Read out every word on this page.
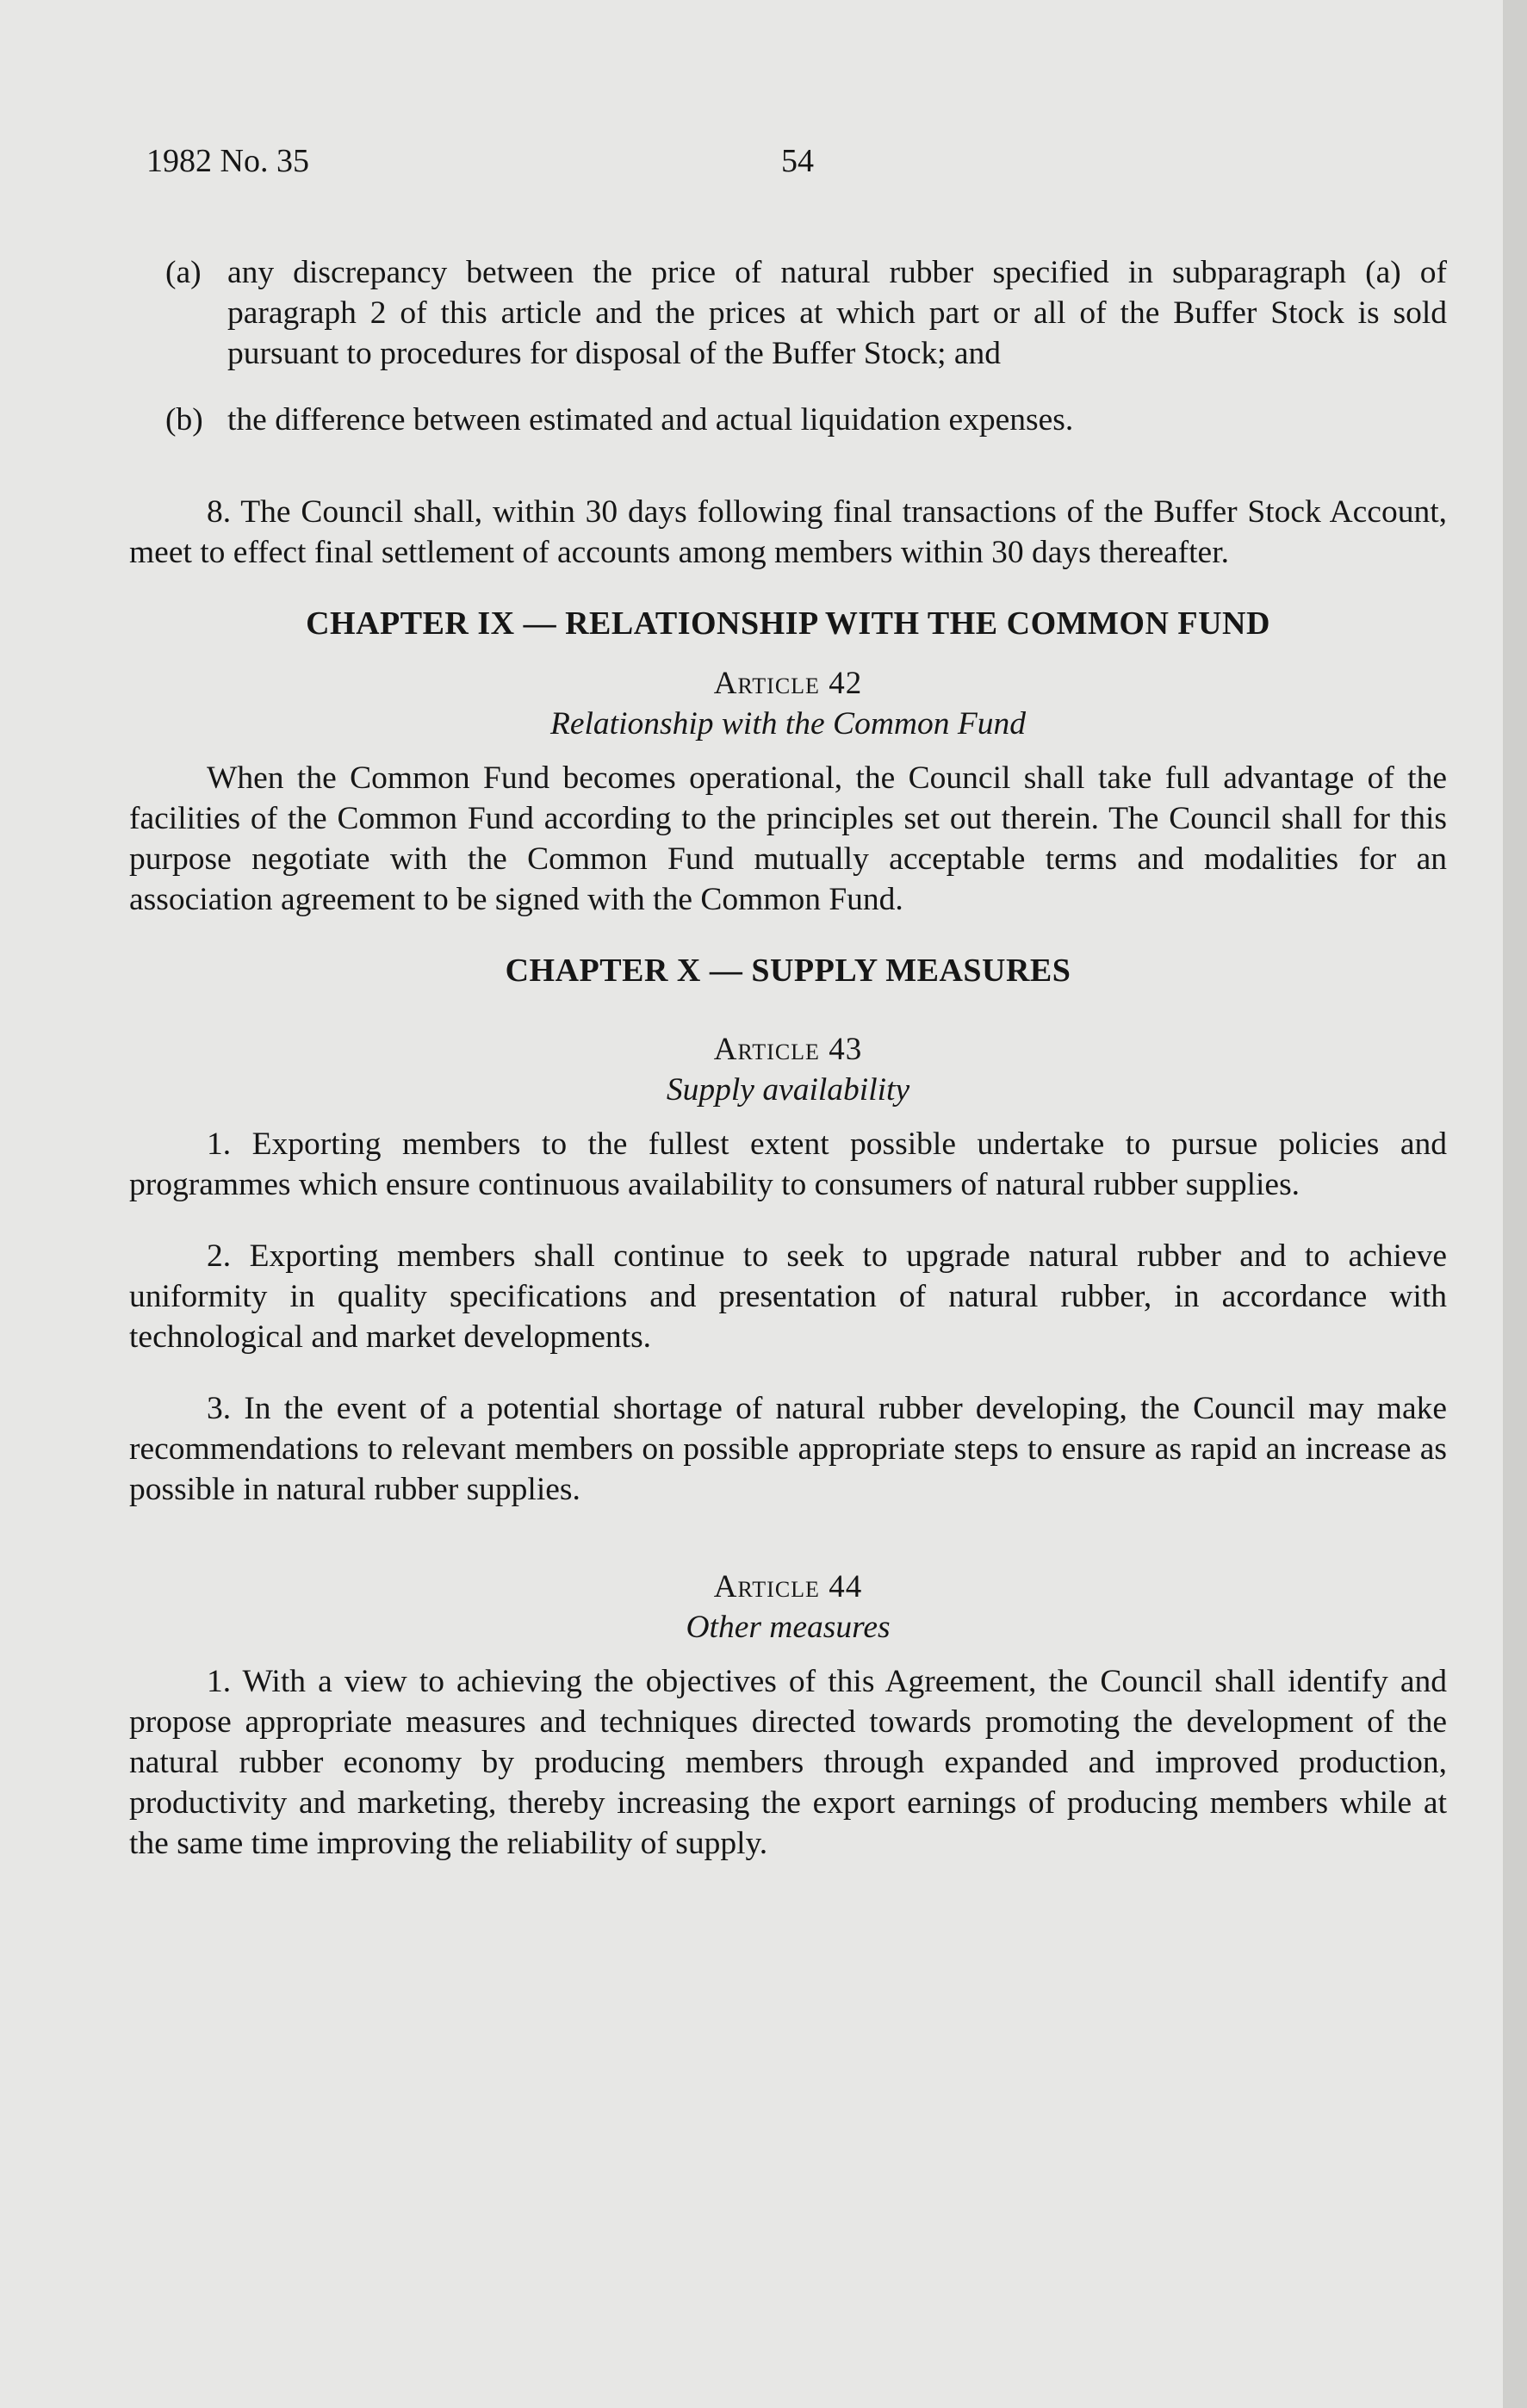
1982 No. 35	54
(a) any discrepancy between the price of natural rubber specified in subparagraph (a) of paragraph 2 of this article and the prices at which part or all of the Buffer Stock is sold pursuant to procedures for disposal of the Buffer Stock; and
(b) the difference between estimated and actual liquidation expenses.

8. The Council shall, within 30 days following final transactions of the Buffer Stock Account, meet to effect final settlement of accounts among members within 30 days thereafter.

CHAPTER IX — RELATIONSHIP WITH THE COMMON FUND
Article 42
Relationship with the Common Fund

When the Common Fund becomes operational, the Council shall take full advantage of the facilities of the Common Fund according to the principles set out therein. The Council shall for this purpose negotiate with the Common Fund mutually acceptable terms and modalities for an association agreement to be signed with the Common Fund.

CHAPTER X — SUPPLY MEASURES
Article 43
Supply availability

1. Exporting members to the fullest extent possible undertake to pursue policies and programmes which ensure continuous availability to consumers of natural rubber supplies.

2. Exporting members shall continue to seek to upgrade natural rubber and to achieve uniformity in quality specifications and presentation of natural rubber, in accordance with technological and market developments.

3. In the event of a potential shortage of natural rubber developing, the Council may make recommendations to relevant members on possible appropriate steps to ensure as rapid an increase as possible in natural rubber supplies.

Article 44
Other measures

1. With a view to achieving the objectives of this Agreement, the Council shall identify and propose appropriate measures and techniques directed towards promoting the development of the natural rubber economy by producing members through expanded and improved production, productivity and marketing, thereby increasing the export earnings of producing members while at the same time improving the reliability of supply.
